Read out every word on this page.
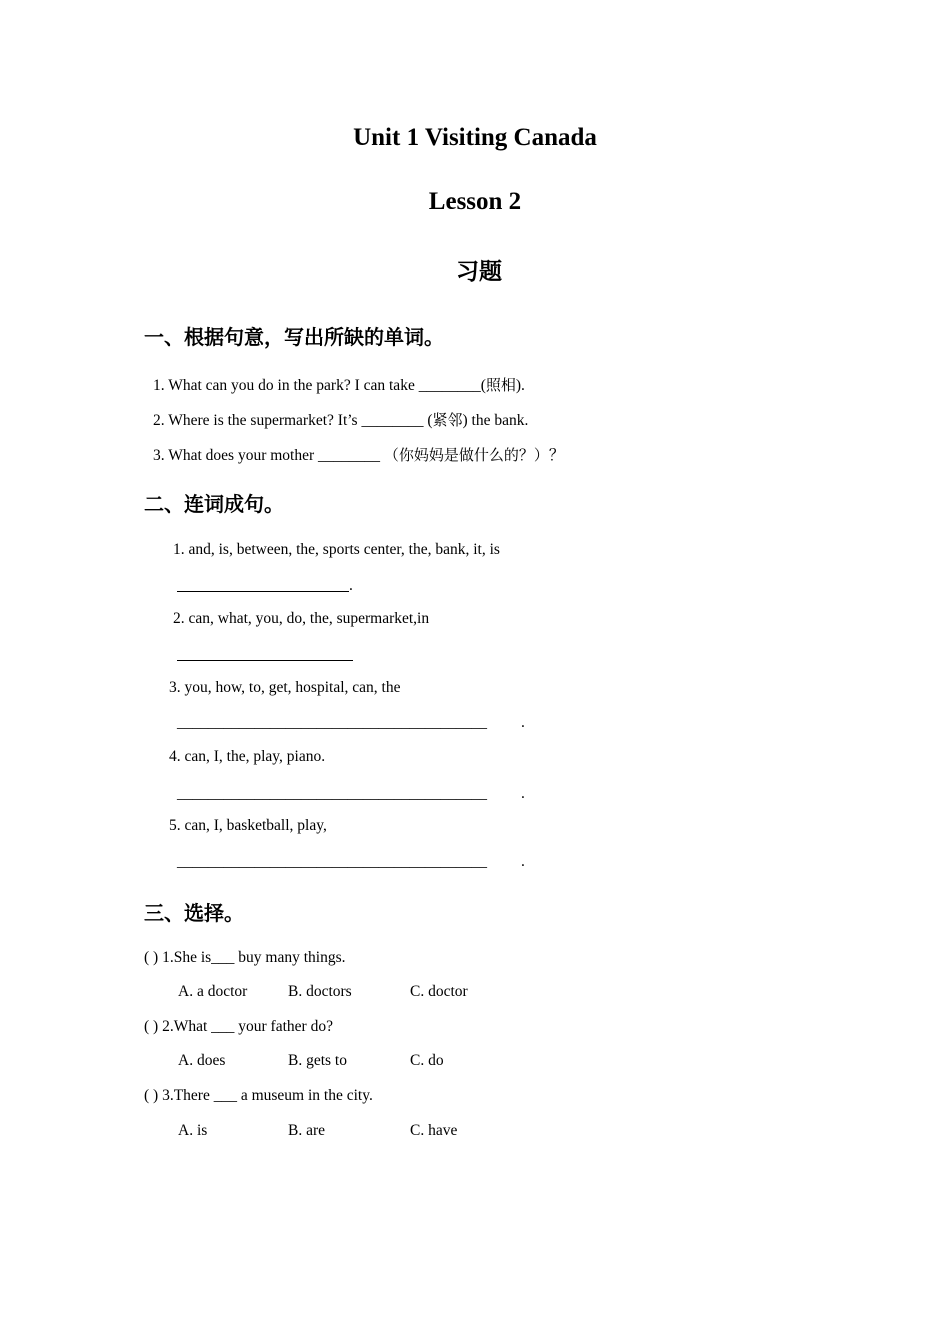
Unit 1 Visiting Canada
Lesson 2
习题
一、根据句意，写出所缺的单词。
1. What can you do in the park? I can take ________(照相).
2. Where is the supermarket? It’s ________ (紧邻) the bank.
3. What does your mother ________ （你妈妈是做什么的？）？
二、连词成句。
1. and, is, between, the, sports center, the, bank, it, is
.
2. can, what, you, do, the, supermarket,in
3. you, how, to, get, hospital, can, the
________________________________________ .
4. can, I, the, play, piano.
________________________________________ .
5. can, I, basketball, play,
________________________________________ .
三、选择。
( ) 1.She is___ buy many things.
A. a doctor	B. doctors	C. doctor
( ) 2.What ___ your father do?
A. does	B. gets to	C. do
( ) 3.There ___ a museum in the city.
A. is	B. are	C. have
